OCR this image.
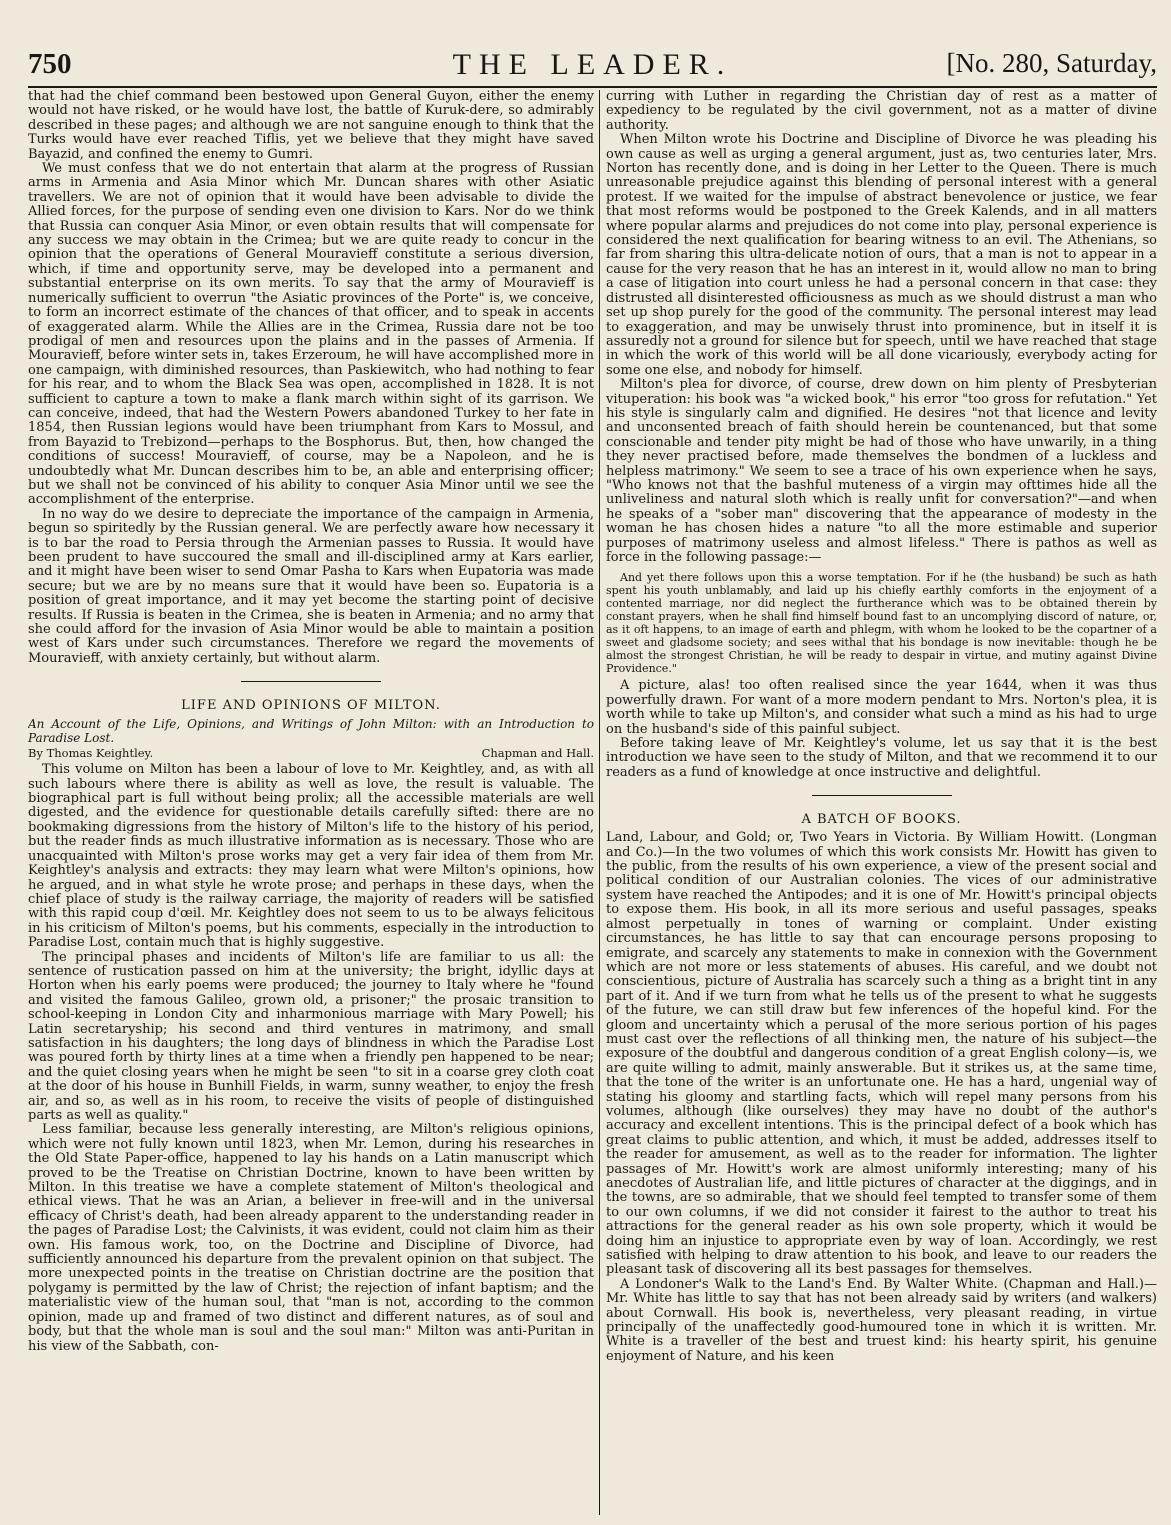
750	THE LEADER.	[No. 280, Saturday,

that had the chief command been bestowed upon General Guyon, either the enemy would not have risked, or he would have lost, the battle of Kuruk-dere, so admirably described in these pages; and although we are not sanguine enough to think that the Turks would have ever reached Tiflis, yet we believe that they might have saved Bayazid, and confined the enemy to Gumri.

We must confess that we do not entertain that alarm at the progress of Russian arms in Armenia and Asia Minor which Mr. Duncan shares with other Asiatic travellers. We are not of opinion that it would have been advisable to divide the Allied forces, for the purpose of sending even one division to Kars. Nor do we think that Russia can conquer Asia Minor, or even obtain results that will compensate for any success we may obtain in the Crimea; but we are quite ready to concur in the opinion that the operations of General Mouravieff constitute a serious diversion, which, if time and opportunity serve, may be developed into a permanent and substantial enterprise on its own merits. To say that the army of Mouravieff is numerically sufficient to overrun "the Asiatic provinces of the Porte" is, we conceive, to form an incorrect estimate of the chances of that officer, and to speak in accents of exaggerated alarm. While the Allies are in the Crimea, Russia dare not be too prodigal of men and resources upon the plains and in the passes of Armenia. If Mouravieff, before winter sets in, takes Erzeroum, he will have accomplished more in one campaign, with diminished resources, than Paskiewitch, who had nothing to fear for his rear, and to whom the Black Sea was open, accomplished in 1828. It is not sufficient to capture a town to make a flank march within sight of its garrison. We can conceive, indeed, that had the Western Powers abandoned Turkey to her fate in 1854, then Russian legions would have been triumphant from Kars to Mossul, and from Bayazid to Trebizond—perhaps to the Bosphorus. But, then, how changed the conditions of success! Mouravieff, of course, may be a Napoleon, and he is undoubtedly what Mr. Duncan describes him to be, an able and enterprising officer; but we shall not be convinced of his ability to conquer Asia Minor until we see the accomplishment of the enterprise.

In no way do we desire to depreciate the importance of the campaign in Armenia, begun so spiritedly by the Russian general. We are perfectly aware how necessary it is to bar the road to Persia through the Armenian passes to Russia. It would have been prudent to have succoured the small and ill-disciplined army at Kars earlier, and it might have been wiser to send Omar Pasha to Kars when Eupatoria was made secure; but we are by no means sure that it would have been so. Eupatoria is a position of great importance, and it may yet become the starting point of decisive results. If Russia is beaten in the Crimea, she is beaten in Armenia; and no army that she could afford for the invasion of Asia Minor would be able to maintain a position west of Kars under such circumstances. Therefore we regard the movements of Mouravieff, with anxiety certainly, but without alarm.

LIFE AND OPINIONS OF MILTON.
An Account of the Life, Opinions, and Writings of John Milton: with an Introduction to Paradise Lost.
By Thomas Keightley.	Chapman and Hall.

This volume on Milton has been a labour of love to Mr. Keightley, and, as with all such labours where there is ability as well as love, the result is valuable. The biographical part is full without being prolix; all the accessible materials are well digested, and the evidence for questionable details carefully sifted: there are no bookmaking digressions from the history of Milton's life to the history of his period, but the reader finds as much illustrative information as is necessary. Those who are unacquainted with Milton's prose works may get a very fair idea of them from Mr. Keightley's analysis and extracts: they may learn what were Milton's opinions, how he argued, and in what style he wrote prose; and perhaps in these days, when the chief place of study is the railway carriage, the majority of readers will be satisfied with this rapid coup d'œil. Mr. Keightley does not seem to us to be always felicitous in his criticism of Milton's poems, but his comments, especially in the introduction to Paradise Lost, contain much that is highly suggestive.

The principal phases and incidents of Milton's life are familiar to us all: the sentence of rustication passed on him at the university; the bright, idyllic days at Horton when his early poems were produced; the journey to Italy where he "found and visited the famous Galileo, grown old, a prisoner;" the prosaic transition to school-keeping in London City and inharmonious marriage with Mary Powell; his Latin secretaryship; his second and third ventures in matrimony, and small satisfaction in his daughters; the long days of blindness in which the Paradise Lost was poured forth by thirty lines at a time when a friendly pen happened to be near; and the quiet closing years when he might be seen "to sit in a coarse grey cloth coat at the door of his house in Bunhill Fields, in warm, sunny weather, to enjoy the fresh air, and so, as well as in his room, to receive the visits of people of distinguished parts as well as quality."

Less familiar, because less generally interesting, are Milton's religious opinions, which were not fully known until 1823, when Mr. Lemon, during his researches in the Old State Paper-office, happened to lay his hands on a Latin manuscript which proved to be the Treatise on Christian Doctrine, known to have been written by Milton. In this treatise we have a complete statement of Milton's theological and ethical views. That he was an Arian, a believer in free-will and in the universal efficacy of Christ's death, had been already apparent to the understanding reader in the pages of Paradise Lost; the Calvinists, it was evident, could not claim him as their own. His famous work, too, on the Doctrine and Discipline of Divorce, had sufficiently announced his departure from the prevalent opinion on that subject. The more unexpected points in the treatise on Christian doctrine are the position that polygamy is permitted by the law of Christ; the rejection of infant baptism; and the materialistic view of the human soul, that "man is not, according to the common opinion, made up and framed of two distinct and different natures, as of soul and body, but that the whole man is soul and the soul man:" Milton was anti-Puritan in his view of the Sabbath, con-

curring with Luther in regarding the Christian day of rest as a matter of expediency to be regulated by the civil government, not as a matter of divine authority.

When Milton wrote his Doctrine and Discipline of Divorce he was pleading his own cause as well as urging a general argument, just as, two centuries later, Mrs. Norton has recently done, and is doing in her Letter to the Queen. There is much unreasonable prejudice against this blending of personal interest with a general protest. If we waited for the impulse of abstract benevolence or justice, we fear that most reforms would be postponed to the Greek Kalends, and in all matters where popular alarms and prejudices do not come into play, personal experience is considered the next qualification for bearing witness to an evil. The Athenians, so far from sharing this ultra-delicate notion of ours, that a man is not to appear in a cause for the very reason that he has an interest in it, would allow no man to bring a case of litigation into court unless he had a personal concern in that case: they distrusted all disinterested officiousness as much as we should distrust a man who set up shop purely for the good of the community. The personal interest may lead to exaggeration, and may be unwisely thrust into prominence, but in itself it is assuredly not a ground for silence but for speech, until we have reached that stage in which the work of this world will be all done vicariously, everybody acting for some one else, and nobody for himself.

Milton's plea for divorce, of course, drew down on him plenty of Presbyterian vituperation: his book was "a wicked book," his error "too gross for refutation." Yet his style is singularly calm and dignified. He desires "not that licence and levity and unconsented breach of faith should herein be countenanced, but that some conscionable and tender pity might be had of those who have unwarily, in a thing they never practised before, made themselves the bondmen of a luckless and helpless matrimony." We seem to see a trace of his own experience when he says, "Who knows not that the bashful muteness of a virgin may ofttimes hide all the unliveliness and natural sloth which is really unfit for conversation?"—and when he speaks of a "sober man" discovering that the appearance of modesty in the woman he has chosen hides a nature "to all the more estimable and superior purposes of matrimony useless and almost lifeless." There is pathos as well as force in the following passage:—

And yet there follows upon this a worse temptation. For if he (the husband) be such as hath spent his youth unblamably, and laid up his chiefly earthly comforts in the enjoyment of a contented marriage, nor did neglect the furtherance which was to be obtained therein by constant prayers, when he shall find himself bound fast to an uncomplying discord of nature, or, as it oft happens, to an image of earth and phlegm, with whom he looked to be the copartner of a sweet and gladsome society; and sees withal that his bondage is now inevitable: though he be almost the strongest Christian, he will be ready to despair in virtue, and mutiny against Divine Providence."

A picture, alas! too often realised since the year 1644, when it was thus powerfully drawn. For want of a more modern pendant to Mrs. Norton's plea, it is worth while to take up Milton's, and consider what such a mind as his had to urge on the husband's side of this painful subject.

Before taking leave of Mr. Keightley's volume, let us say that it is the best introduction we have seen to the study of Milton, and that we recommend it to our readers as a fund of knowledge at once instructive and delightful.

A BATCH OF BOOKS.

Land, Labour, and Gold; or, Two Years in Victoria. By William Howitt. (Longman and Co.)—In the two volumes of which this work consists Mr. Howitt has given to the public, from the results of his own experience, a view of the present social and political condition of our Australian colonies. The vices of our administrative system have reached the Antipodes; and it is one of Mr. Howitt's principal objects to expose them. His book, in all its more serious and useful passages, speaks almost perpetually in tones of warning or complaint. Under existing circumstances, he has little to say that can encourage persons proposing to emigrate, and scarcely any statements to make in connexion with the Government which are not more or less statements of abuses. His careful, and we doubt not conscientious, picture of Australia has scarcely such a thing as a bright tint in any part of it. And if we turn from what he tells us of the present to what he suggests of the future, we can still draw but few inferences of the hopeful kind. For the gloom and uncertainty which a perusal of the more serious portion of his pages must cast over the reflections of all thinking men, the nature of his subject—the exposure of the doubtful and dangerous condition of a great English colony—is, we are quite willing to admit, mainly answerable. But it strikes us, at the same time, that the tone of the writer is an unfortunate one. He has a hard, ungenial way of stating his gloomy and startling facts, which will repel many persons from his volumes, although (like ourselves) they may have no doubt of the author's accuracy and excellent intentions. This is the principal defect of a book which has great claims to public attention, and which, it must be added, addresses itself to the reader for amusement, as well as to the reader for information. The lighter passages of Mr. Howitt's work are almost uniformly interesting; many of his anecdotes of Australian life, and little pictures of character at the diggings, and in the towns, are so admirable, that we should feel tempted to transfer some of them to our own columns, if we did not consider it fairest to the author to treat his attractions for the general reader as his own sole property, which it would be doing him an injustice to appropriate even by way of loan. Accordingly, we rest satisfied with helping to draw attention to his book, and leave to our readers the pleasant task of discovering all its best passages for themselves.

A Londoner's Walk to the Land's End. By Walter White. (Chapman and Hall.)—Mr. White has little to say that has not been already said by writers (and walkers) about Cornwall. His book is, nevertheless, very pleasant reading, in virtue principally of the unaffectedly good-humoured tone in which it is written. Mr. White is a traveller of the best and truest kind: his hearty spirit, his genuine enjoyment of Nature, and his keen
